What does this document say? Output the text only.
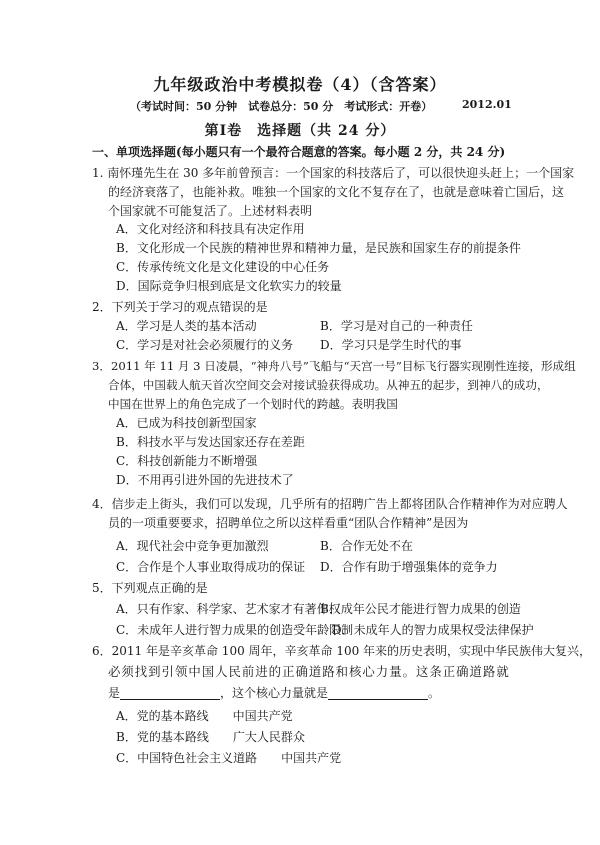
九年级政治中考模拟卷（4）（含答案）
（考试时间：50 分钟　试卷总分：50 分　考试形式：开卷）	2012.01
第Ⅰ卷　选择题（共 24 分）
一、单项选择题(每小题只有一个最符合题意的答案。每小题 2 分，共 24 分)
1. 南怀瑾先生在 30 多年前曾预言：一个国家的科技落后了，可以很快迎头赶上；一个国家
的经济衰落了，也能补救。唯独一个国家的文化不复存在了，也就是意味着亡国后，这
个国家就不可能复活了。上述材料表明
A．文化对经济和科技具有决定作用
B．文化形成一个民族的精神世界和精神力量，是民族和国家生存的前提条件
C．传承传统文化是文化建设的中心任务
D．国际竞争归根到底是文化软实力的较量
2．下列关于学习的观点错误的是
A．学习是人类的基本活动	B．学习是对自己的一种责任
C．学习是对社会必须履行的义务 D．学习只是学生时代的事
3．2011 年 11 月 3 日凌晨，“神舟八号”飞船与“天宫一号”目标飞行器实现刚性连接，形成组
合体，中国载人航天首次空间交会对接试验获得成功。从神五的起步，到神八的成功，
中国在世界上的角色完成了一个划时代的跨越。表明我国
A．已成为科技创新型国家
B．科技水平与发达国家还存在差距
C．科技创新能力不断增强
D．不用再引进外国的先进技术了
4．信步走上街头，我们可以发现，几乎所有的招聘广告上都将团队合作精神作为对应聘人
员的一项重要要求，招聘单位之所以这样看重“团队合作精神”是因为
A．现代社会中竞争更加激烈	B．合作无处不在
C．合作是个人事业取得成功的保证 D．合作有助于增强集体的竞争力
5．下列观点正确的是
A．只有作家、科学家、艺术家才有著作权
B．成年公民才能进行智力成果的创造
C．未成年人进行智力成果的创造受年龄限制
D．未成年人的智力成果权受法律保护
6．2011 年是辛亥革命 100 周年，辛亥革命 100 年来的历史表明，实现中华民族伟大复兴，
必须找到引领中国人民前进的正确道路和核心力量。这条正确道路就
是	，这个核心力量就是	。
A．党的基本路线　　中国共产党
B．党的基本路线　　广大人民群众
C．中国特色社会主义道路　　中国共产党
